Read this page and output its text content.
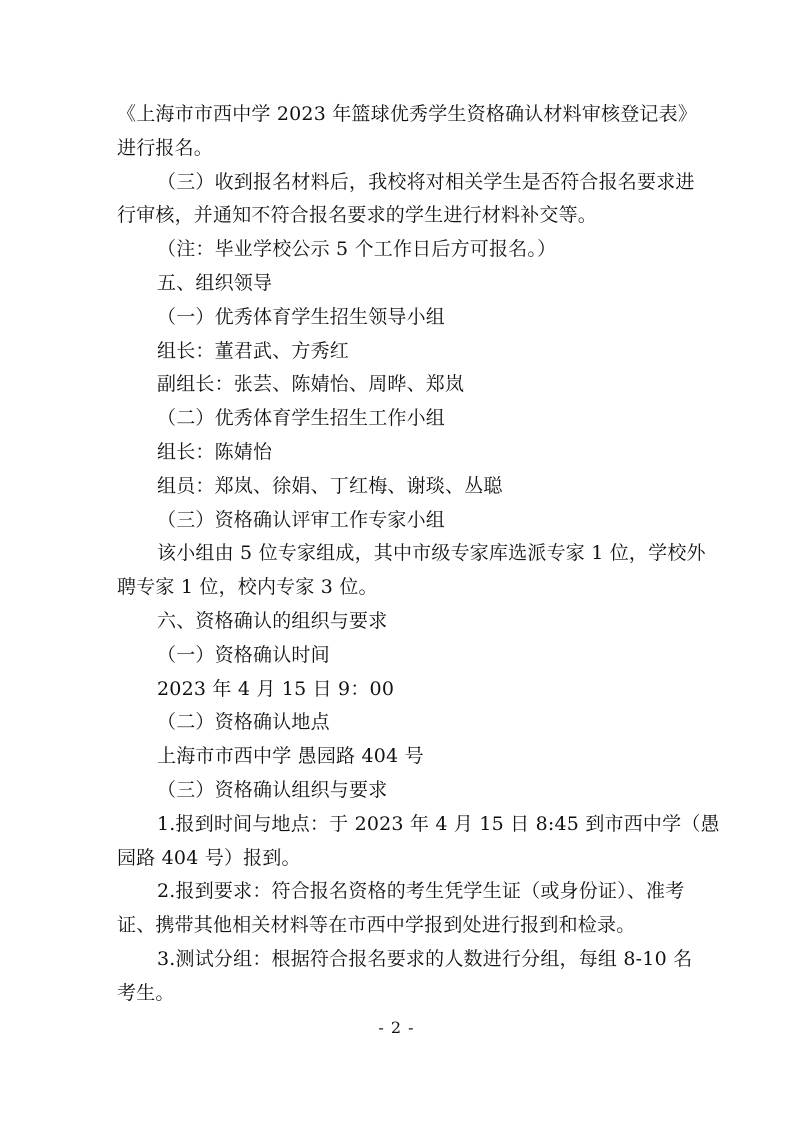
《上海市市西中学 2023 年篮球优秀学生资格确认材料审核登记表》
进行报名。
（三）收到报名材料后，我校将对相关学生是否符合报名要求进
行审核，并通知不符合报名要求的学生进行材料补交等。
（注：毕业学校公示 5 个工作日后方可报名。）
五、组织领导
（一）优秀体育学生招生领导小组
组长：董君武、方秀红
副组长：张芸、陈婧怡、周晔、郑岚
（二）优秀体育学生招生工作小组
组长：陈婧怡
组员：郑岚、徐娟、丁红梅、谢琰、丛聪
（三）资格确认评审工作专家小组
该小组由 5 位专家组成，其中市级专家库选派专家 1 位，学校外
聘专家 1 位，校内专家 3 位。
六、资格确认的组织与要求
（一）资格确认时间
2023 年 4 月 15 日 9：00
（二）资格确认地点
上海市市西中学 愚园路 404 号
（三）资格确认组织与要求
1.报到时间与地点：于 2023 年 4 月 15 日 8:45 到市西中学（愚
园路 404 号）报到。
2.报到要求：符合报名资格的考生凭学生证（或身份证）、准考
证、携带其他相关材料等在市西中学报到处进行报到和检录。
3.测试分组：根据符合报名要求的人数进行分组，每组 8-10 名
考生。
- 2 -
